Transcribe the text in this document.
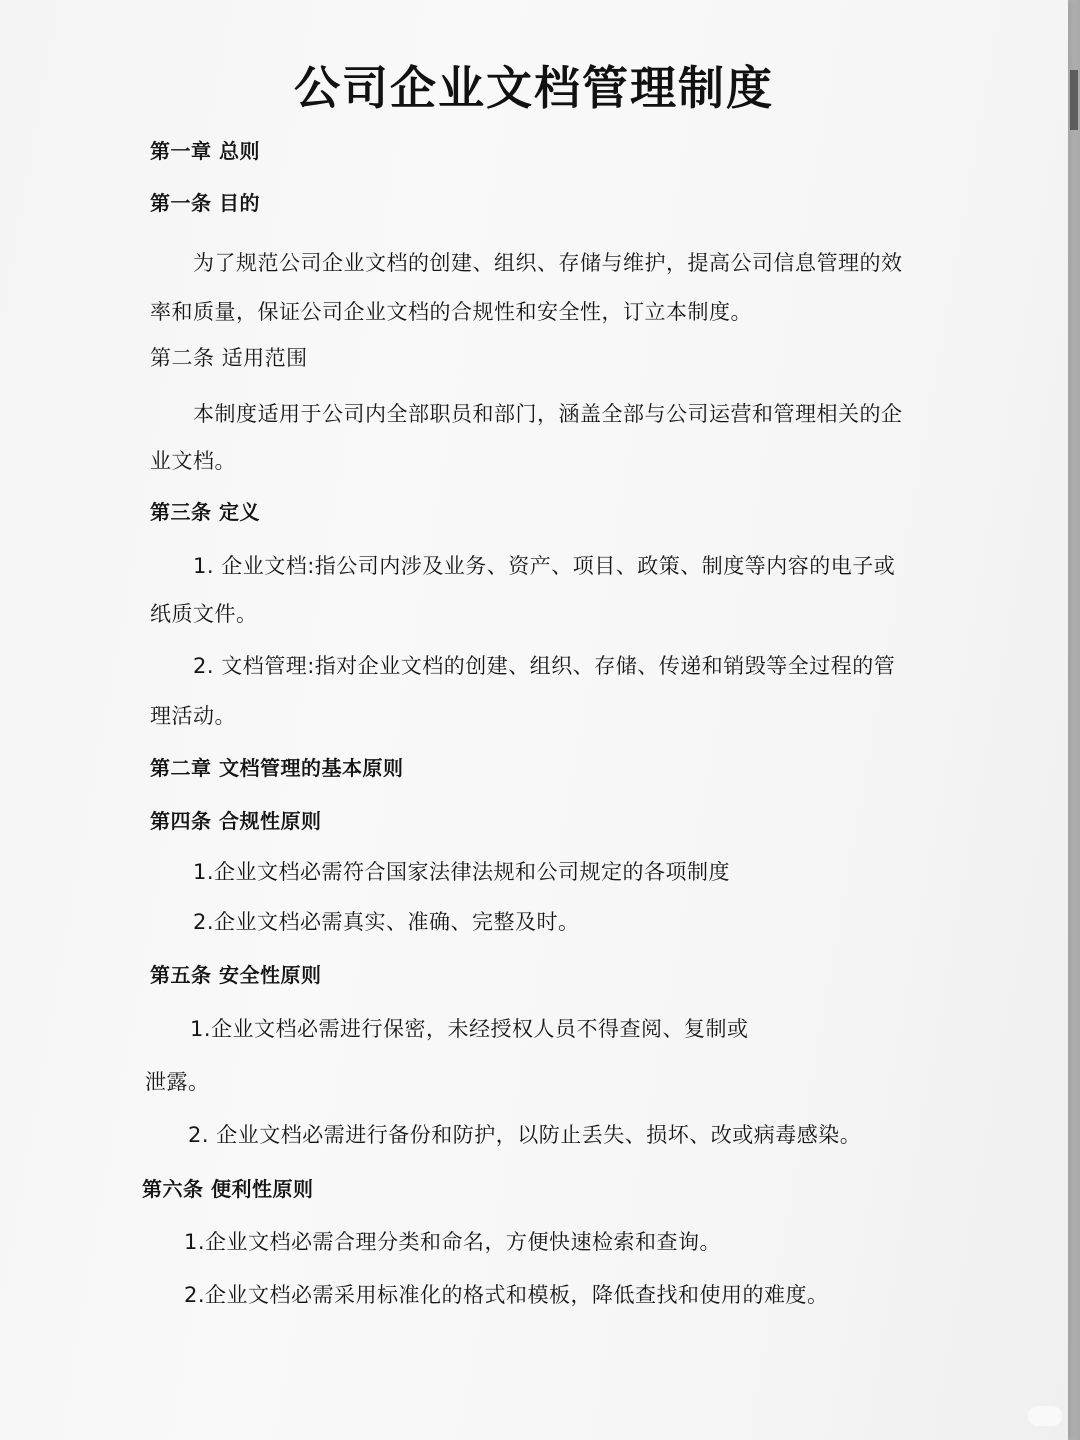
公司企业文档管理制度
第一章 总则
第一条 目的
为了规范公司企业文档的创建、组织、存储与维护，提高公司信息管理的效
率和质量，保证公司企业文档的合规性和安全性，订立本制度。
第二条 适用范围
本制度适用于公司内全部职员和部门，涵盖全部与公司运营和管理相关的企
业文档。
第三条 定义
1. 企业文档:指公司内涉及业务、资产、项目、政策、制度等内容的电子或
纸质文件。
2. 文档管理:指对企业文档的创建、组织、存储、传递和销毁等全过程的管
理活动。
第二章 文档管理的基本原则
第四条 合规性原则
1.企业文档必需符合国家法律法规和公司规定的各项制度
2.企业文档必需真实、准确、完整及时。
第五条 安全性原则
1.企业文档必需进行保密，未经授权人员不得查阅、复制或
泄露。
2. 企业文档必需进行备份和防护，以防止丢失、损坏、改或病毒感染。
第六条 便利性原则
1.企业文档必需合理分类和命名，方便快速检索和查询。
2.企业文档必需采用标准化的格式和模板，降低查找和使用的难度。
